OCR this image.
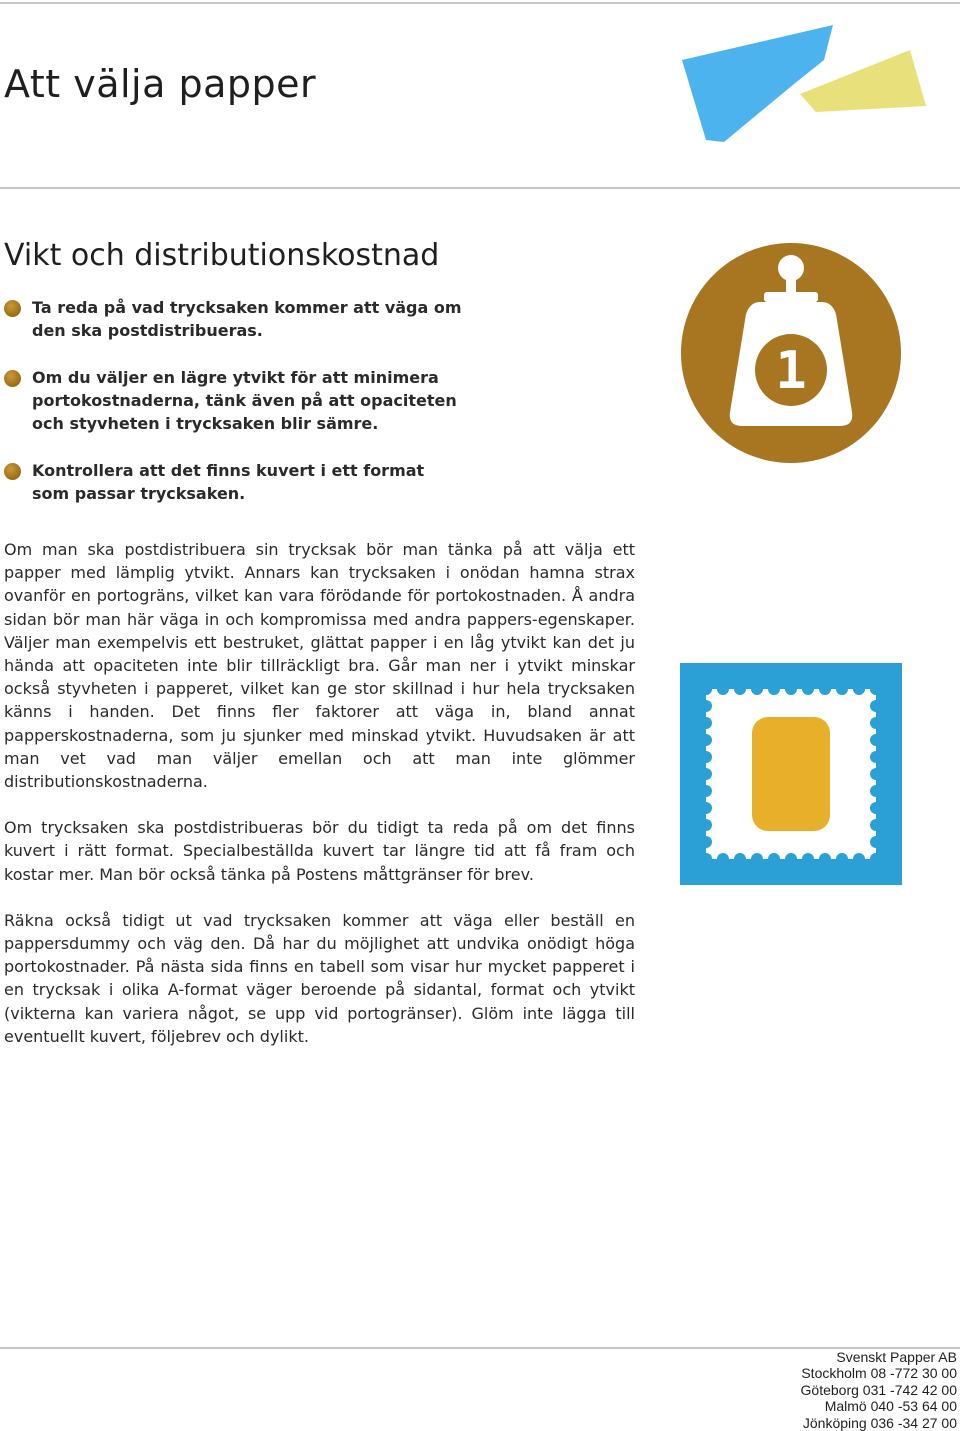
Att välja papper
Vikt och distributionskostnad
Ta reda på vad trycksaken kommer att väga om den ska postdistribueras.
Om du väljer en lägre ytvikt för att minimera portokostnaderna, tänk även på att opaciteten och styvheten i trycksaken blir sämre.
Kontrollera att det finns kuvert i ett format som passar trycksaken.
1

Om man ska postdistribuera sin trycksak bör man tänka på att välja ett papper med lämplig ytvikt. Annars kan trycksaken i onödan hamna strax ovanför en portogräns, vilket kan vara förödande för portokostnaden. Å andra sidan bör man här väga in och kompromissa med andra pappers-egenskaper. Väljer man exempelvis ett bestruket, glättat papper i en låg ytvikt kan det ju hända att opaciteten inte blir tillräckligt bra. Går man ner i ytvikt minskar också styvheten i papperet, vilket kan ge stor skillnad i hur hela trycksaken känns i handen. Det finns fler faktorer att väga in, bland annat papperskostnaderna, som ju sjunker med minskad ytvikt. Huvudsaken är att man vet vad man väljer emellan och att man inte glömmer distributionskostnaderna.

Om trycksaken ska postdistribueras bör du tidigt ta reda på om det finns kuvert i rätt format. Specialbeställda kuvert tar längre tid att få fram och kostar mer. Man bör också tänka på Postens måttgränser för brev.

Räkna också tidigt ut vad trycksaken kommer att väga eller beställ en pappersdummy och väg den. Då har du möjlighet att undvika onödigt höga portokostnader. På nästa sida finns en tabell som visar hur mycket papperet i en trycksak i olika A-format väger beroende på sidantal, format och ytvikt (vikterna kan variera något, se upp vid portogränser). Glöm inte lägga till eventuellt kuvert, följebrev och dylikt.

Svenskt Papper AB
Stockholm 08 -772 30 00
Göteborg 031 -742 42 00
Malmö 040 -53 64 00
Jönköping 036 -34 27 00
